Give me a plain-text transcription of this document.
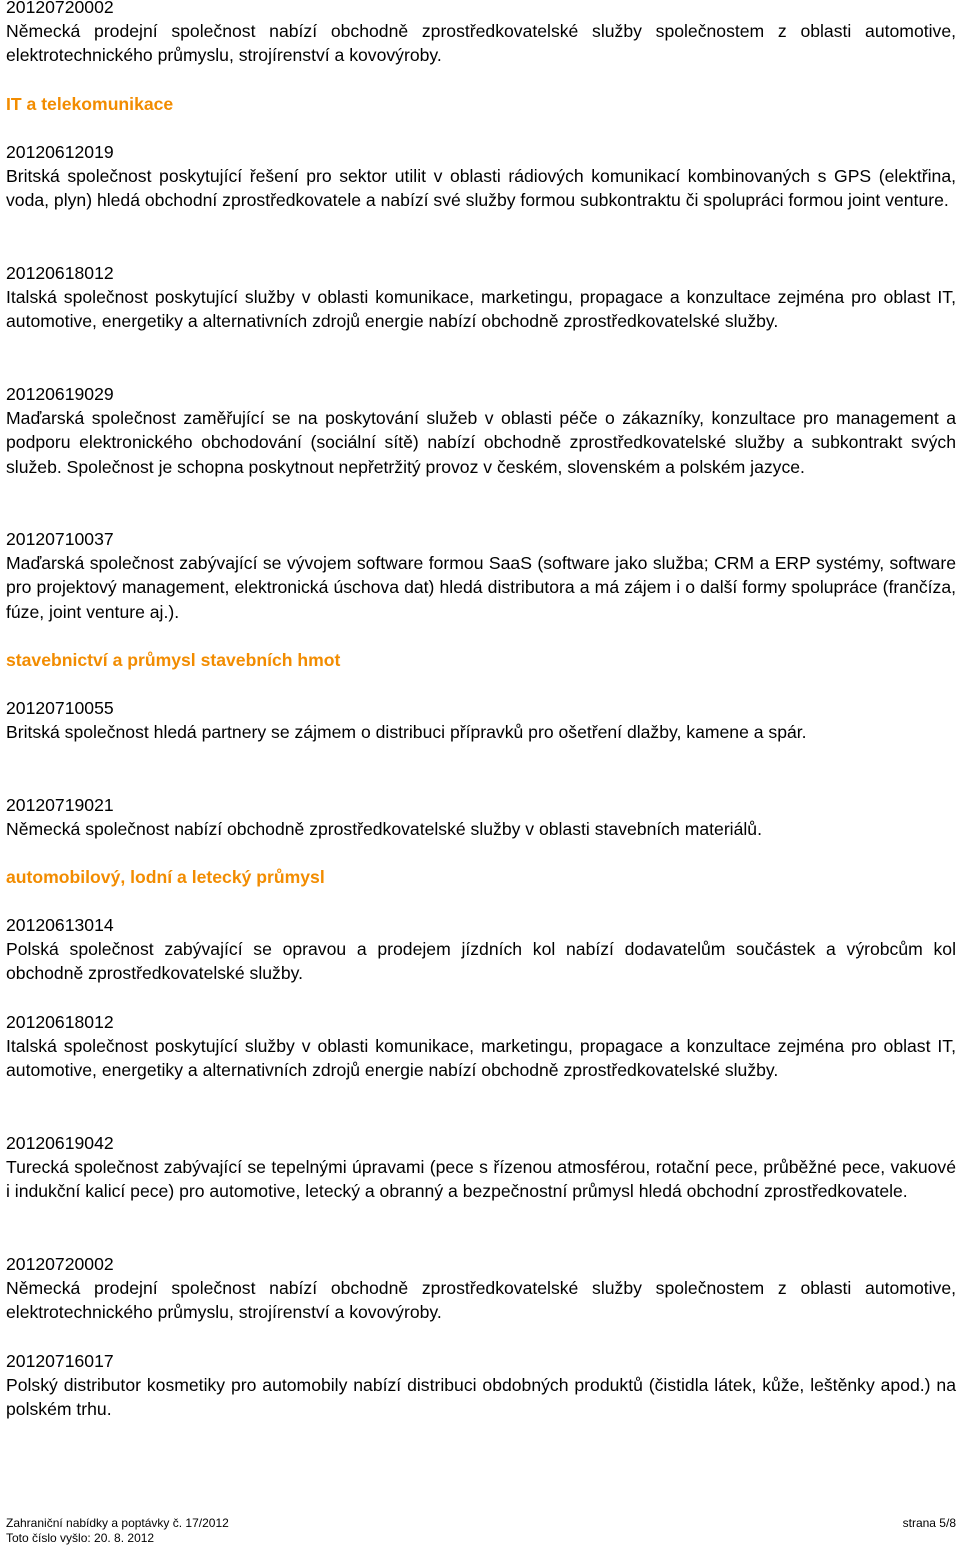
20120720002
Německá prodejní společnost nabízí obchodně zprostředkovatelské služby společnostem z oblasti automotive, elektrotechnického průmyslu, strojírenství a kovovýroby.
IT a telekomunikace
20120612019
Britská společnost poskytující řešení pro sektor utilit v oblasti rádiových komunikací kombinovaných s GPS (elektřina, voda, plyn) hledá obchodní zprostředkovatele a nabízí své služby formou subkontraktu či spolupráci formou joint venture.
20120618012
Italská společnost poskytující služby v oblasti komunikace, marketingu, propagace a konzultace zejména pro oblast IT, automotive, energetiky a alternativních zdrojů energie nabízí obchodně zprostředkovatelské služby.
20120619029
Maďarská společnost zaměřující se na poskytování služeb v oblasti péče o zákazníky, konzultace pro management a podporu elektronického obchodování (sociální sítě) nabízí obchodně zprostředkovatelské služby a subkontrakt svých služeb. Společnost je schopna poskytnout nepřetržitý provoz v českém, slovenském a polském jazyce.
20120710037
Maďarská společnost zabývající se vývojem software formou SaaS (software jako služba; CRM a ERP systémy, software pro projektový management, elektronická úschova dat) hledá distributora a má zájem i o další formy spolupráce (frančíza, fúze, joint venture aj.).
stavebnictví a průmysl stavebních hmot
20120710055
Britská společnost hledá partnery se zájmem o distribuci přípravků pro ošetření dlažby, kamene a spár.
20120719021
Německá společnost nabízí obchodně zprostředkovatelské služby v oblasti stavebních materiálů.
automobilový, lodní a letecký průmysl
20120613014
Polská společnost zabývající se opravou a prodejem jízdních kol nabízí dodavatelům součástek a výrobcům kol obchodně zprostředkovatelské služby.
20120618012
Italská společnost poskytující služby v oblasti komunikace, marketingu, propagace a konzultace zejména pro oblast IT, automotive, energetiky a alternativních zdrojů energie nabízí obchodně zprostředkovatelské služby.
20120619042
Turecká společnost zabývající se tepelnými úpravami (pece s řízenou atmosférou, rotační pece, průběžné pece, vakuové i indukční kalicí pece) pro automotive, letecký a obranný a bezpečnostní průmysl hledá obchodní zprostředkovatele.
20120720002
Německá prodejní společnost nabízí obchodně zprostředkovatelské služby společnostem z oblasti automotive, elektrotechnického průmyslu, strojírenství a kovovýroby.
20120716017
Polský distributor kosmetiky pro automobily nabízí distribuci obdobných produktů (čistidla látek, kůže, leštěnky apod.) na polském trhu.
Zahraniční nabídky a poptávky č. 17/2012
Toto číslo vyšlo: 20. 8. 2012
strana 5/8
